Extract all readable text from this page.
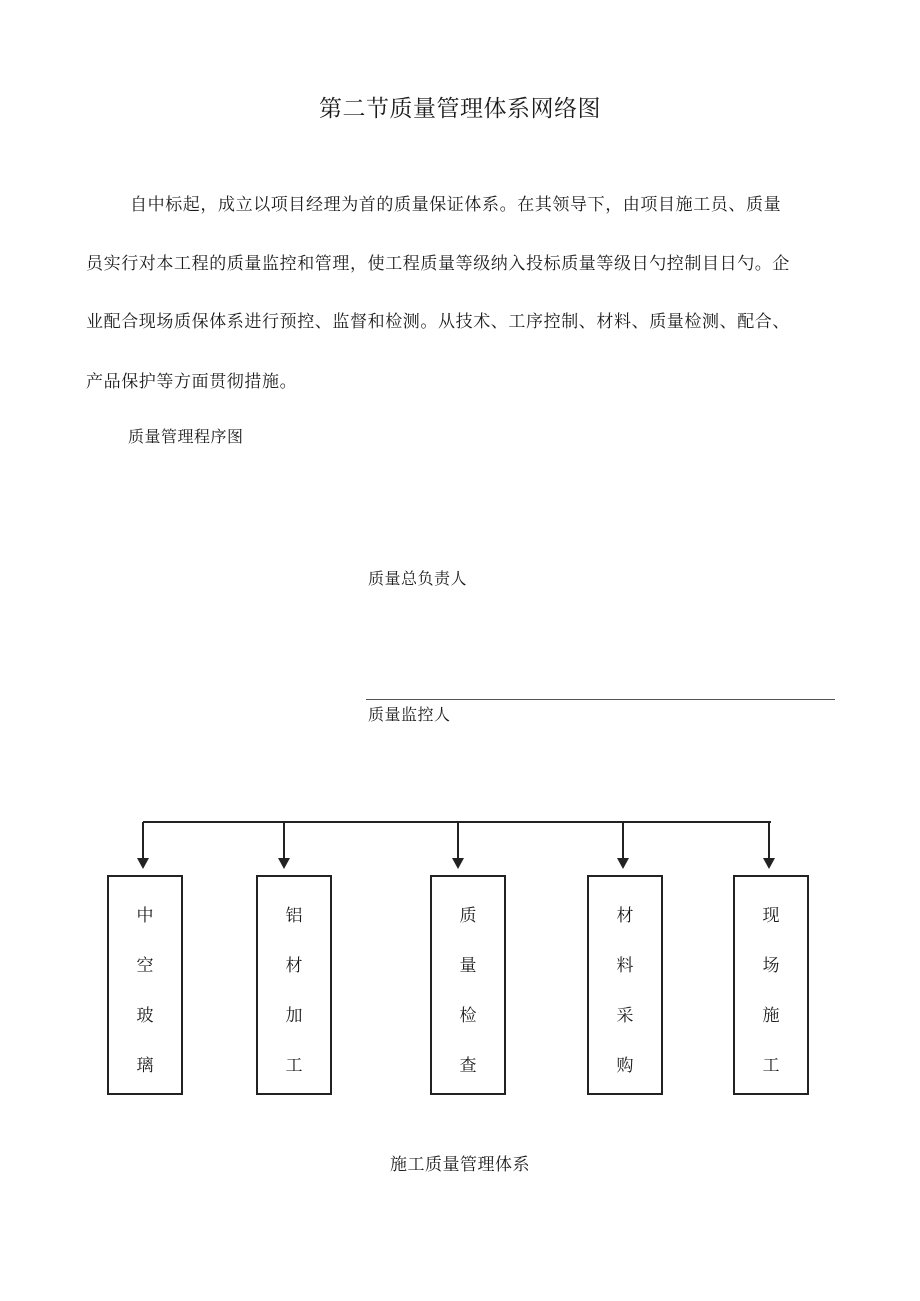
第二节质量管理体系网络图
自中标起，成立以项目经理为首的质量保证体系。在其领导下，由项目施工员、质量
员实行对本工程的质量监控和管理，使工程质量等级纳入投标质量等级日勺控制目日勺。企
业配合现场质保体系进行预控、监督和检测。从技术、工序控制、材料、质量检测、配合、
产品保护等方面贯彻措施。
质量管理程序图
质量总负责人
质量监控人
中
空
玻
璃
铝
材
加
工
质
量
检
查
材
料
采
购
现
场
施
工
施工质量管理体系
